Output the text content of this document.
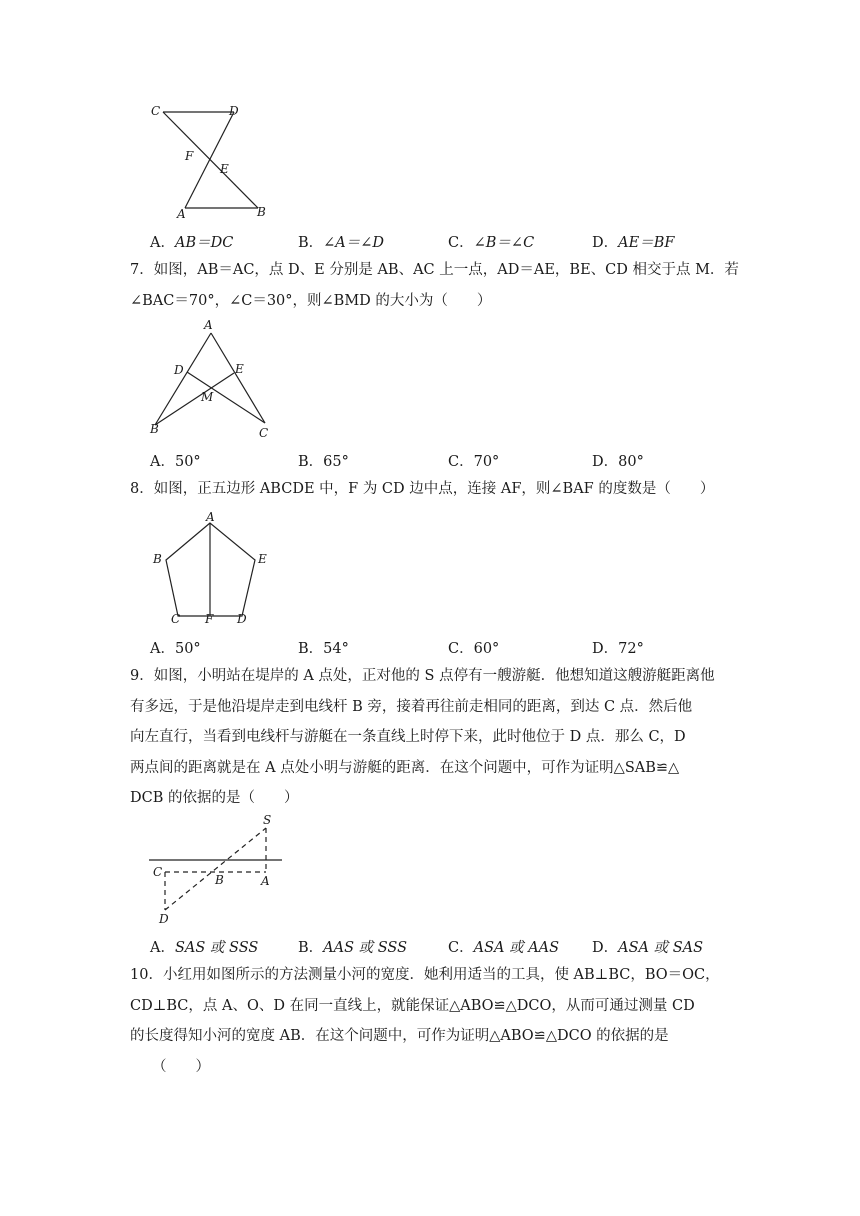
C	D
F
E
A	B
A．AB＝DC	B．∠A＝∠D	C．∠B＝∠C	D．AE＝BF
7．如图，AB＝AC，点 D、E 分别是 AB、AC 上一点，AD＝AE，BE、CD 相交于点 M．若
∠BAC＝70°，∠C＝30°，则∠BMD 的大小为（　　）
A
D	E
M
B	C
A．50°	B．65°	C．70°	D．80°
8．如图，正五边形 ABCDE 中，F 为 CD 边中点，连接 AF，则∠BAF 的度数是（　　）
A
B	E
C F D
A．50°	B．54°	C．60°	D．72°
9．如图，小明站在堤岸的 A 点处，正对他的 S 点停有一艘游艇．他想知道这艘游艇距离他
有多远，于是他沿堤岸走到电线杆 B 旁，接着再往前走相同的距离，到达 C 点．然后他
向左直行，当看到电线杆与游艇在一条直线上时停下来，此时他位于 D 点．那么 C，D
两点间的距离就是在 A 点处小明与游艇的距离．在这个问题中，可作为证明△SAB≌△
DCB 的依据的是（　　）
S
C
B	A
D
A．SAS 或 SSS	B．AAS 或 SSS	C．ASA 或 AAS D．ASA 或 SAS
10．小红用如图所示的方法测量小河的宽度．她利用适当的工具，使 AB⊥BC，BO＝OC，
CD⊥BC，点 A、O、D 在同一直线上，就能保证△ABO≌△DCO，从而可通过测量 CD
的长度得知小河的宽度 AB．在这个问题中，可作为证明△ABO≌△DCO 的依据的是
（　　）
